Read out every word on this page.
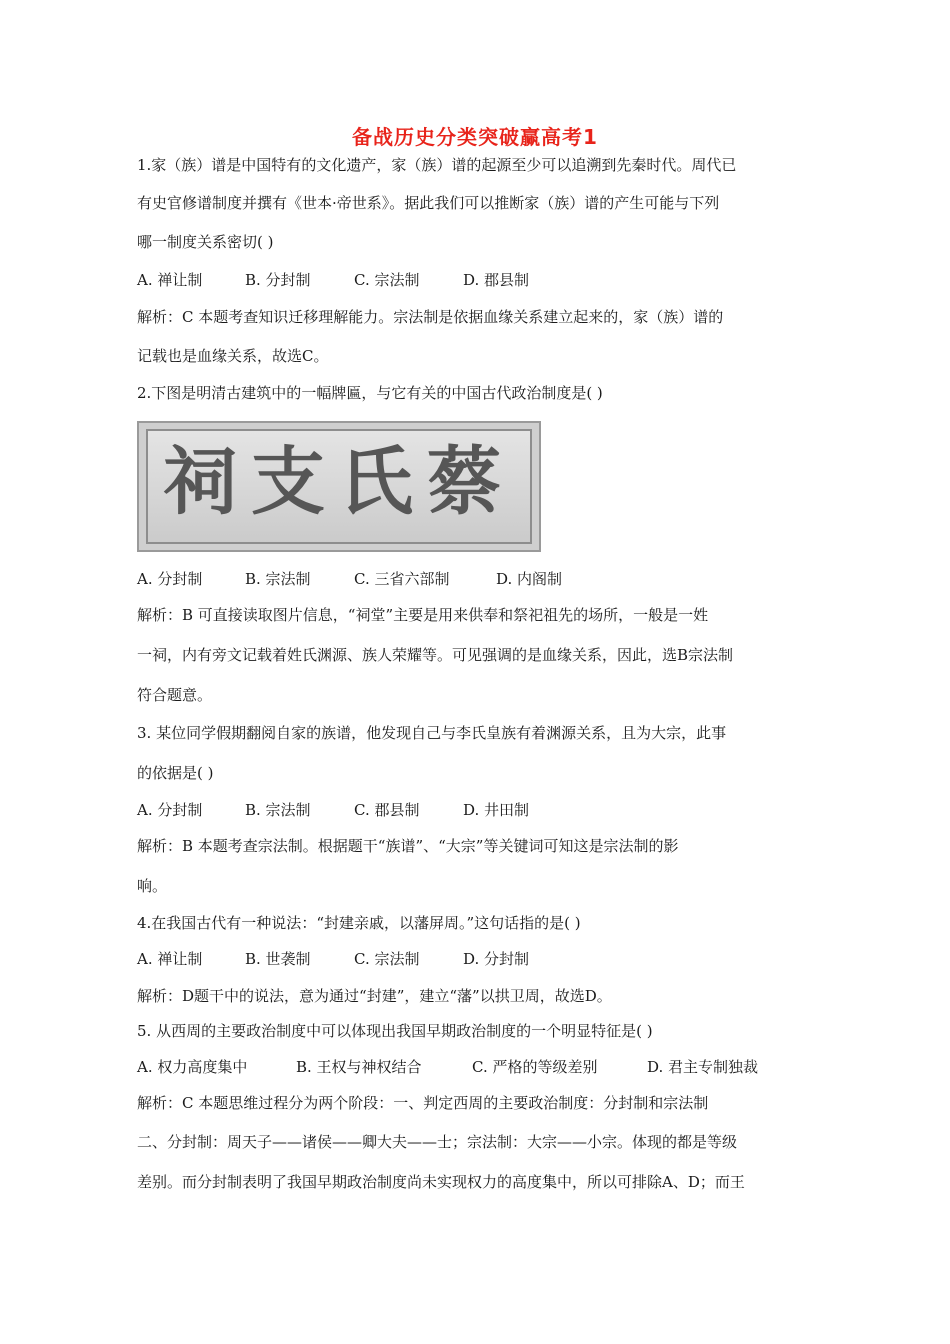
备战历史分类突破赢高考1
1.家（族）谱是中国特有的文化遗产，家（族）谱的起源至少可以追溯到先秦时代。周代已
有史官修谱制度并撰有《世本·帝世系》。据此我们可以推断家（族）谱的产生可能与下列
哪一制度关系密切( )
A. 禅让制	B. 分封制	C. 宗法制	D. 郡县制
解析：C 本题考查知识迁移理解能力。宗法制是依据血缘关系建立起来的，家（族）谱的
记载也是血缘关系，故选C。
2.下图是明清古建筑中的一幅牌匾，与它有关的中国古代政治制度是( )
祠支氏蔡
A. 分封制	B. 宗法制	C. 三省六部制	D. 内阁制
解析：B 可直接读取图片信息，“祠堂”主要是用来供奉和祭祀祖先的场所，一般是一姓
一祠，内有旁文记载着姓氏渊源、族人荣耀等。可见强调的是血缘关系，因此，选B宗法制
符合题意。
3. 某位同学假期翻阅自家的族谱，他发现自己与李氏皇族有着渊源关系，且为大宗，此事
的依据是( )
A. 分封制	B. 宗法制	C. 郡县制	D. 井田制
解析：B 本题考查宗法制。根据题干“族谱”、“大宗”等关键词可知这是宗法制的影
响。
4.在我国古代有一种说法：“封建亲戚，以藩屏周。”这句话指的是( )
A. 禅让制	B. 世袭制	C. 宗法制	D. 分封制
解析：D题干中的说法，意为通过“封建”，建立“藩”以拱卫周，故选D。
5. 从西周的主要政治制度中可以体现出我国早期政治制度的一个明显特征是( )
A. 权力高度集中	B. 王权与神权结合	C. 严格的等级差别	D. 君主专制独裁
解析：C 本题思维过程分为两个阶段：一、判定西周的主要政治制度：分封制和宗法制
二、分封制：周天子——诸侯——卿大夫——士；宗法制：大宗——小宗。体现的都是等级
差别。而分封制表明了我国早期政治制度尚未实现权力的高度集中，所以可排除A、D；而王
